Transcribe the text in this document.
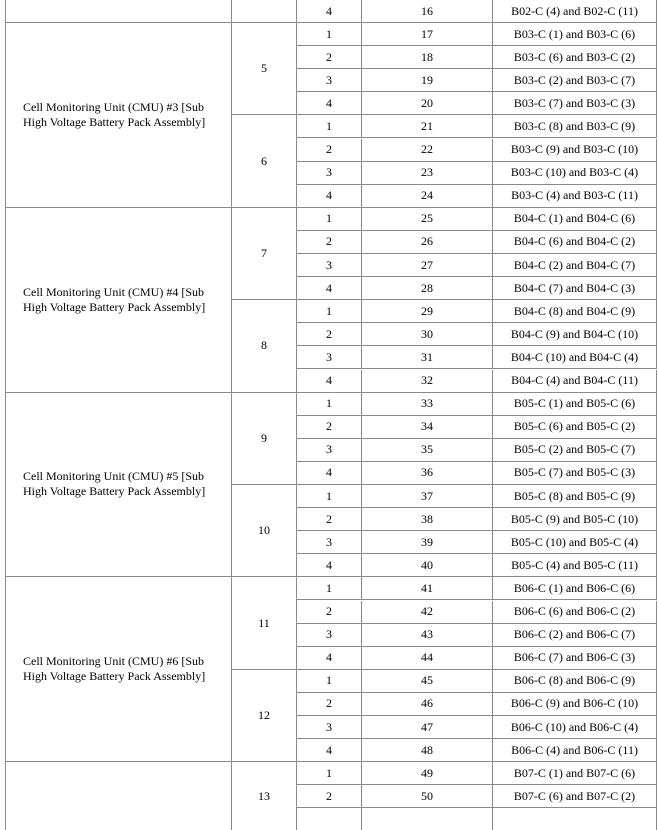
4	16	B02-C (4) and B02-C (11)
Cell Monitoring Unit (CMU) #3 [Sub High Voltage Battery Pack Assembly]
5
1	17	B03-C (1) and B03-C (6)
2	18	B03-C (6) and B03-C (2)
3	19	B03-C (2) and B03-C (7)
4	20	B03-C (7) and B03-C (3)
6
1	21	B03-C (8) and B03-C (9)
2	22	B03-C (9) and B03-C (10)
3	23	B03-C (10) and B03-C (4)
4	24	B03-C (4) and B03-C (11)
Cell Monitoring Unit (CMU) #4 [Sub High Voltage Battery Pack Assembly]
7
1	25	B04-C (1) and B04-C (6)
2	26	B04-C (6) and B04-C (2)
3	27	B04-C (2) and B04-C (7)
4	28	B04-C (7) and B04-C (3)
8
1	29	B04-C (8) and B04-C (9)
2	30	B04-C (9) and B04-C (10)
3	31	B04-C (10) and B04-C (4)
4	32	B04-C (4) and B04-C (11)
Cell Monitoring Unit (CMU) #5 [Sub High Voltage Battery Pack Assembly]
9
1	33	B05-C (1) and B05-C (6)
2	34	B05-C (6) and B05-C (2)
3	35	B05-C (2) and B05-C (7)
4	36	B05-C (7) and B05-C (3)
10
1	37	B05-C (8) and B05-C (9)
2	38	B05-C (9) and B05-C (10)
3	39	B05-C (10) and B05-C (4)
4	40	B05-C (4) and B05-C (11)
Cell Monitoring Unit (CMU) #6 [Sub High Voltage Battery Pack Assembly]
11
1	41	B06-C (1) and B06-C (6)
2	42	B06-C (6) and B06-C (2)
3	43	B06-C (2) and B06-C (7)
4	44	B06-C (7) and B06-C (3)
12
1	45	B06-C (8) and B06-C (9)
2	46	B06-C (9) and B06-C (10)
3	47	B06-C (10) and B06-C (4)
4	48	B06-C (4) and B06-C (11)
13
1	49	B07-C (1) and B07-C (6)
2	50	B07-C (6) and B07-C (2)
